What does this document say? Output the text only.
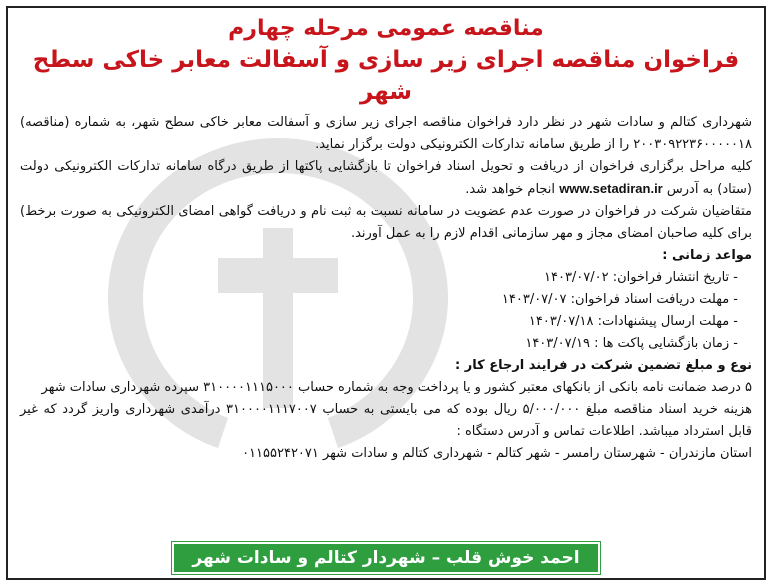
مناقصه عمومی مرحله چهارم
فراخوان مناقصه اجرای زیر سازی و آسفالت معابر خاکی سطح شهر

شهرداری کتالم و سادات شهر در نظر دارد فراخوان مناقصه اجرای زیر سازی و آسفالت معابر خاکی سطح شهر، به شماره (مناقصه) ۲۰۰۳۰۹۲۲۳۶۰۰۰۰۰۱۸ را از طریق سامانه تدارکات الکترونیکی دولت برگزار نماید.

کلیه مراحل برگزاری فراخوان از دریافت و تحویل اسناد فراخوان تا بازگشایی پاکتها از طریق درگاه سامانه تدارکات الکترونیکی دولت (ستاد) به آدرس www.setadiran.ir انجام خواهد شد.

متقاضیان شرکت در فراخوان در صورت عدم عضویت در سامانه نسبت به ثبت نام و دریافت گواهی امضای الکترونیکی به صورت برخط) برای کلیه صاحبان امضای مجاز و مهر سازمانی اقدام لازم را به عمل آورند.

مواعد زمانی :

- تاریخ انتشار فراخوان: ۱۴۰۳/۰۷/۰۲

- مهلت دریافت اسناد فراخوان: ۱۴۰۳/۰۷/۰۷

- مهلت ارسال پیشنهادات: ۱۴۰۳/۰۷/۱۸

- زمان بازگشایی پاکت ها : ۱۴۰۳/۰۷/۱۹

نوع و مبلغ تضمین شرکت در فرایند ارجاع کار :

۵ درصد ضمانت نامه بانکی از بانکهای معتبر کشور و یا پرداخت وجه به شماره حساب ۳۱۰۰۰۰۱۱۱۵۰۰۰ سپرده شهرداری سادات شهر

هزینه خرید اسناد مناقصه مبلغ ۵/۰۰۰/۰۰۰ ریال بوده که می بایستی به حساب ۳۱۰۰۰۰۱۱۱۷۰۰۷ درآمدی شهرداری واریز گردد که غیر قابل استرداد میباشد. اطلاعات تماس و آدرس دستگاه :

استان مازندران - شهرستان رامسر - شهر کتالم - شهرداری کتالم و سادات شهر ۰۱۱۵۵۲۴۲۰۷۱

احمد خوش قلب – شهردار کتالم و سادات شهر
